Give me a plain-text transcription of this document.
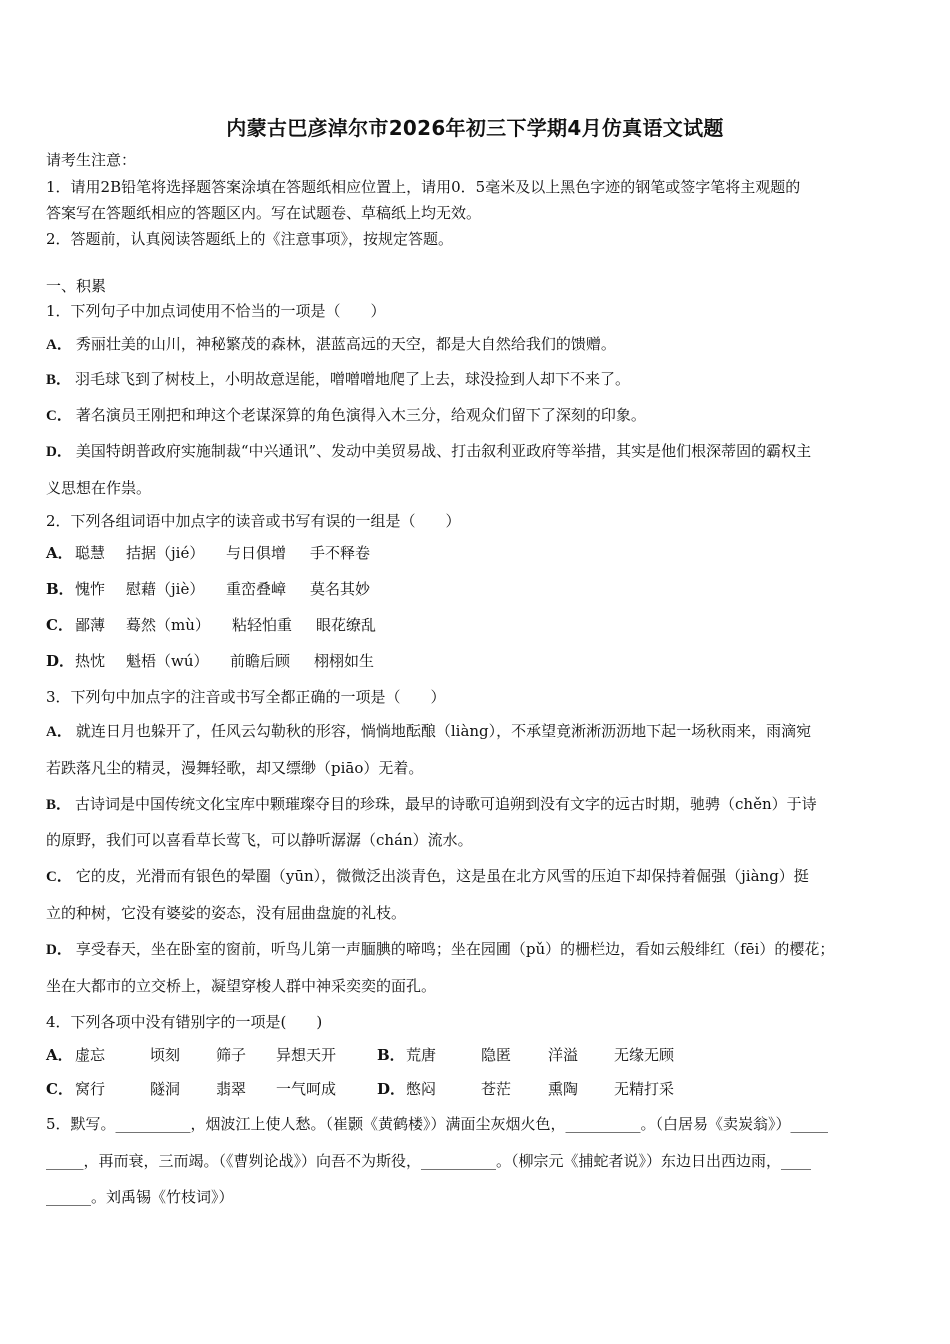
内蒙古巴彦淖尔市2026年初三下学期4月仿真语文试题
请考生注意：
1．请用2B铅笔将选择题答案涂填在答题纸相应位置上，请用0．5毫米及以上黑色字迹的钢笔或签字笔将主观题的
答案写在答题纸相应的答题区内。写在试题卷、草稿纸上均无效。
2．答题前，认真阅读答题纸上的《注意事项》，按规定答题。
一、积累
1．下列句子中加点词使用不恰当的一项是（　　）
A． 秀丽壮美的山川，神秘繁茂的森林，湛蓝高远的天空，都是大自然给我们的馈赠。
B． 羽毛球飞到了树枝上，小明故意逞能，噌噌噌地爬了上去，球没捡到人却下不来了。
C． 著名演员王刚把和珅这个老谋深算的角色演得入木三分，给观众们留下了深刻的印象。
D． 美国特朗普政府实施制裁“中兴通讯”、发动中美贸易战、打击叙利亚政府等举措，其实是他们根深蒂固的霸权主
义思想在作祟。
2．下列各组词语中加点字的读音或书写有误的一组是（　　）
A． 聪慧 拮据（jié） 与日俱增 手不释卷
B． 愧怍 慰藉（jiè） 重峦叠嶂 莫名其妙
C． 鄙薄 蓦然（mù） 粘轻怕重 眼花缭乱
D． 热忱 魁梧（wú） 前瞻后顾 栩栩如生
3．下列句中加点字的注音或书写全都正确的一项是（　　）
A． 就连日月也躲开了，任风云勾勒秋的形容，惝惝地酝酿（liàng），不承望竟淅淅沥沥地下起一场秋雨来，雨滴宛
若跌落凡尘的精灵，漫舞轻歌，却又缥缈（piāo）无着。
B． 古诗词是中国传统文化宝库中颗璀璨夺目的珍珠，最早的诗歌可追朔到没有文字的远古时期，驰骋（chěn）于诗
的原野，我们可以喜看草长莺飞，可以静听潺潺（chán）流水。
C． 它的皮，光滑而有银色的晕圈（yūn），微微泛出淡青色，这是虽在北方风雪的压迫下却保持着倔强（jiàng）挺
立的种树，它没有婆娑的姿态，没有屈曲盘旋的礼枝。
D． 享受春天，坐在卧室的窗前，听鸟儿第一声腼腆的啼鸣；坐在园圃（pǔ）的栅栏边，看如云般绯红（fēi）的樱花；
坐在大都市的立交桥上，凝望穿梭人群中神采奕奕的面孔。
4．下列各项中没有错别字的一项是(　　)
A． 虚忘	顷刻 筛子 异想天开	B． 荒唐	隐匿 洋溢 无缘无顾
C． 窝行	隧洞 翡翠 一气呵成	D． 憋闷	苍茫 熏陶 无精打采
5．默写。__________，烟波江上使人愁。（崔颢《黄鹤楼》）满面尘灰烟火色，__________。（白居易《卖炭翁》）_____
_____，再而衰，三而竭。（《曹刿论战》）向吾不为斯役，__________。（柳宗元《捕蛇者说》）东边日出西边雨，____
______。刘禹锡《竹枝词》）
